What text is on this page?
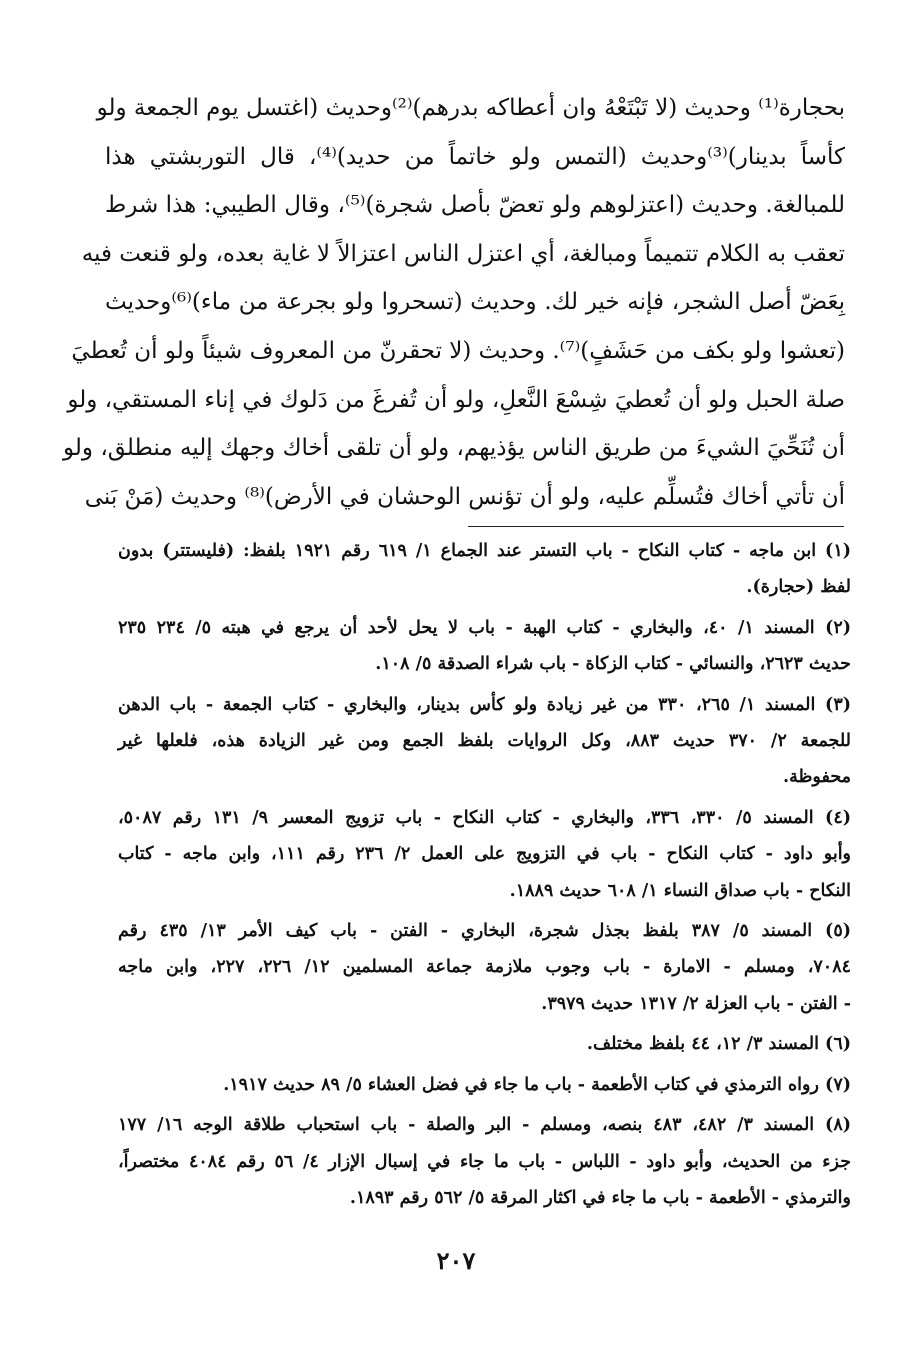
بحجارة⁽¹⁾ وحديث (لا تَبْتَعْهُ وان أعطاكه بدرهم)⁽²⁾وحديث (اغتسل يوم الجمعة ولو
كأساً بدينار)⁽³⁾وحديث (التمس ولو خاتماً من حديد)⁽⁴⁾، قال التوربشتي هذا
للمبالغة. وحديث (اعتزلوهم ولو تعضّ بأصل شجرة)⁽⁵⁾، وقال الطيبي: هذا شرط
تعقب به الكلام تتميماً ومبالغة، أي اعتزل الناس اعتزالاً لا غاية بعده، ولو قنعت فيه
بِعَضّ أصل الشجر، فإنه خير لك. وحديث (تسحروا ولو بجرعة من ماء)⁽⁶⁾وحديث
(تعشوا ولو بكف من حَشَفٍ)⁽⁷⁾. وحديث (لا تحقرنّ من المعروف شيئاً ولو أن تُعطيَ
صلة الحبل ولو أن تُعطيَ شِسْعَ النَّعلِ، ولو أن تُفرغَ من دَلوك في إناء المستقي، ولو
أن تُنَحِّيَ الشيءَ من طريق الناس يؤذيهم، ولو أن تلقى أخاك وجهك إليه منطلق، ولو
أن تأتي أخاك فتُسلِّم عليه، ولو أن تؤنس الوحشان في الأرض)⁽⁸⁾ وحديث (مَنْ بَنى
(١) ابن ماجه - كتاب النكاح - باب التستر عند الجماع ١/ ٦١٩ رقم ١٩٢١ بلفظ: (فليستتر) بدون
لفظ (حجارة).
(٢) المسند ١/ ٤٠، والبخاري - كتاب الهبة - باب لا يحل لأحد أن يرجع في هبته ٥/ ٢٣٤ ٢٣٥
حديث ٢٦٢٣، والنسائي - كتاب الزكاة - باب شراء الصدقة ٥/ ١٠٨.
(٣) المسند ١/ ٢٦٥، ٣٣٠ من غير زيادة ولو كأس بدينار، والبخاري - كتاب الجمعة - باب الدهن
للجمعة ٢/ ٣٧٠ حديث ٨٨٣، وكل الروايات بلفظ الجمع ومن غير الزيادة هذه، فلعلها غير
محفوظة.
(٤) المسند ٥/ ٣٣٠، ٣٣٦، والبخاري - كتاب النكاح - باب تزويج المعسر ٩/ ١٣١ رقم ٥٠٨٧،
وأبو داود - كتاب النكاح - باب في التزويج على العمل ٢/ ٢٣٦ رقم ١١١، وابن ماجه - كتاب
النكاح - باب صداق النساء ١/ ٦٠٨ حديث ١٨٨٩.
(٥) المسند ٥/ ٣٨٧ بلفظ بجذل شجرة، البخاري - الفتن - باب كيف الأمر ١٣/ ٤٣٥ رقم
٧٠٨٤، ومسلم - الامارة - باب وجوب ملازمة جماعة المسلمين ١٢/ ٢٢٦، ٢٢٧، وابن ماجه
- الفتن - باب العزلة ٢/ ١٣١٧ حديث ٣٩٧٩.
(٦) المسند ٣/ ١٢، ٤٤ بلفظ مختلف.
(٧) رواه الترمذي في كتاب الأطعمة - باب ما جاء في فضل العشاء ٥/ ٨٩ حديث ١٩١٧.
(٨) المسند ٣/ ٤٨٢، ٤٨٣ بنصه، ومسلم - البر والصلة - باب استحباب طلاقة الوجه ١٦/ ١٧٧
جزء من الحديث، وأبو داود - اللباس - باب ما جاء في إسبال الإزار ٤/ ٥٦ رقم ٤٠٨٤ مختصراً،
والترمذي - الأطعمة - باب ما جاء في اكثار المرقة ٥/ ٥٦٢ رقم ١٨٩٣.
٢٠٧
